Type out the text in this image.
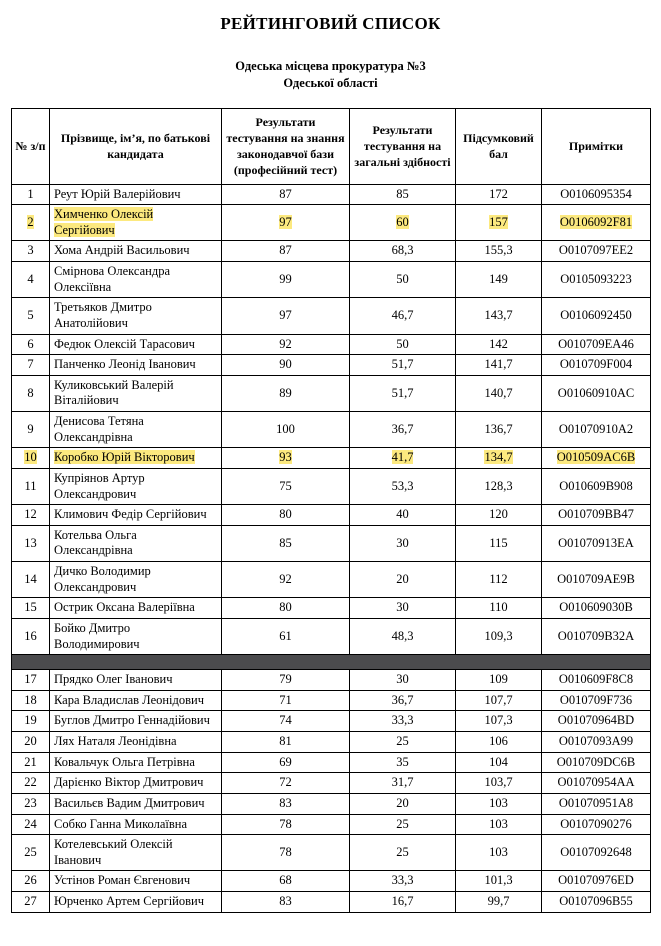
РЕЙТИНГОВИЙ СПИСОК
Одеська місцева прокуратура №3
Одеської області
№ з/п	Прізвище, ім’я, по батькові кандидата	Результати тестування на знання законодавчої бази (професійний тест)	Результати тестування на загальні здібності	Підсумковий бал	Примітки
1	Реут Юрій Валерійович	87	85	172	O0106095354
2	Химченко Олексій Сергійович	97	60	157	O0106092F81
3	Хома Андрій Васильович	87	68,3	155,3	O0107097EE2
4	Смірнова Олександра Олексіївна	99	50	149	O0105093223
5	Третьяков Дмитро Анатолійович	97	46,7	143,7	O0106092450
6	Федюк Олексій Тарасович	92	50	142	O010709EA46
7	Панченко Леонід Іванович	90	51,7	141,7	O010709F004
8	Куликовський Валерій Віталійович	89	51,7	140,7	O01060910AC
9	Денисова Тетяна Олександрівна	100	36,7	136,7	O01070910A2
10	Коробко Юрій Вікторович	93	41,7	134,7	O010509AC6B
11	Купріянов Артур Олександрович	75	53,3	128,3	O010609B908
12	Климович Федір Сергійович	80	40	120	O010709BB47
13	Котельва Ольга Олександрівна	85	30	115	O01070913EA
14	Дичко Володимир Олександрович	92	20	112	O010709AE9B
15	Острик Оксана Валеріївна	80	30	110	O010609030B
16	Бойко Дмитро Володимирович	61	48,3	109,3	O010709B32A

17	Прядко Олег Іванович	79	30	109	O010609F8C8
18	Кара Владислав Леонідович	71	36,7	107,7	O010709F736
19	Буглов Дмитро Геннадійович	74	33,3	107,3	O01070964BD
20	Лях Наталя Леонідівна	81	25	106	O0107093A99
21	Ковальчук Ольга Петрівна	69	35	104	O010709DC6B
22	Дарієнко Віктор Дмитрович	72	31,7	103,7	O01070954AA
23	Васильєв Вадим Дмитрович	83	20	103	O01070951A8
24	Собко Ганна Миколаївна	78	25	103	O0107090276
25	Котелевський Олексій Іванович	78	25	103	O0107092648
26	Устінов Роман Євгенович	68	33,3	101,3	O01070976ED
27	Юрченко Артем Сергійович	83	16,7	99,7	O0107096B55
